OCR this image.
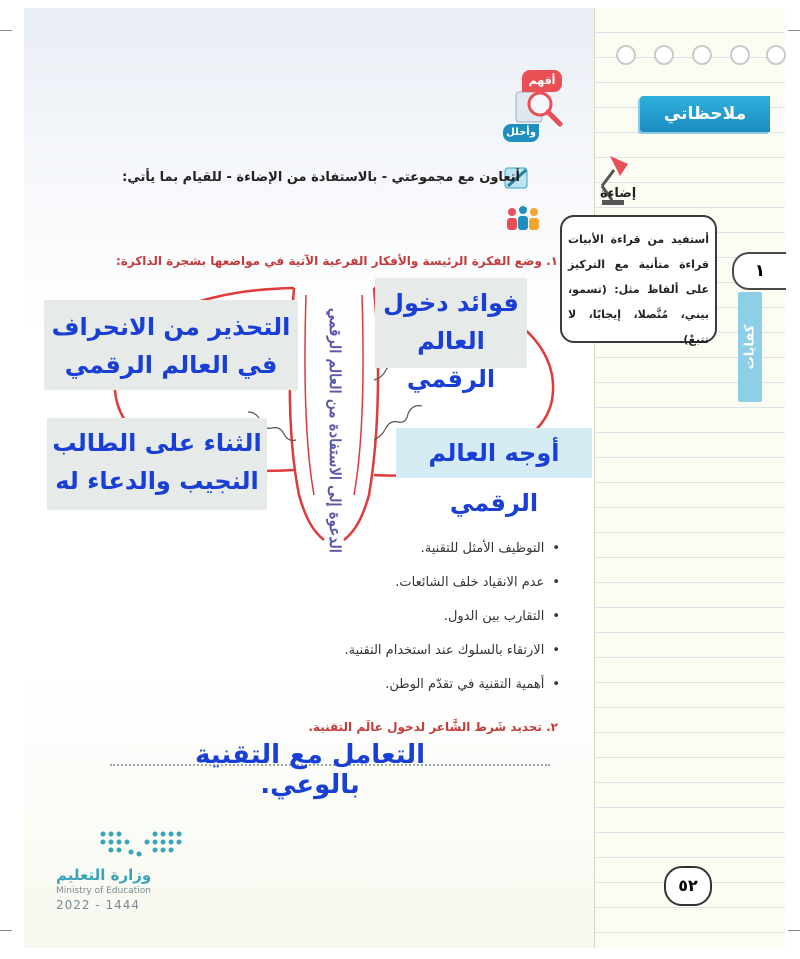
ملاحظاتي
١
كفايات
أفهم
وأحلل
أتعاون مع مجموعتي - بالاستفادة من الإضاءة - للقيام بما يأتي:
إضاءة
أستفيد من قراءة الأبيات قراءة متأنية مع التركيز على ألفاظ مثل: (تسمو، بيني، مُتَّصلا، إيجابًا، لا تتبعْ).
١. وضع الفكرة الرئيسة والأفكار الفرعية الآتية في مواضعها بشجرة الذاكرة:
الدعوة إلى الاستفادة من العالم الرقمي
التحذير من الانحراف في العالم الرقمي
فوائد دخول العالم الرقمي
الثناء على الطالب النجيب والدعاء له
أوجه العالم الرقمي
• التوظيف الأمثل للتقنية.
• عدم الانقياد خلف الشائعات.
• التقارب بين الدول.
• الارتقاء بالسلوك عند استخدام التقنية.
• أهمية التقنية في تقدّم الوطن.
٢. تحديد شَرط الشَّاعر لدخول عالَم التقنية.
التعامل مع التقنية بالوعي.
وزارة التعليم
Ministry of Education
2022 - 1444
٥٢
